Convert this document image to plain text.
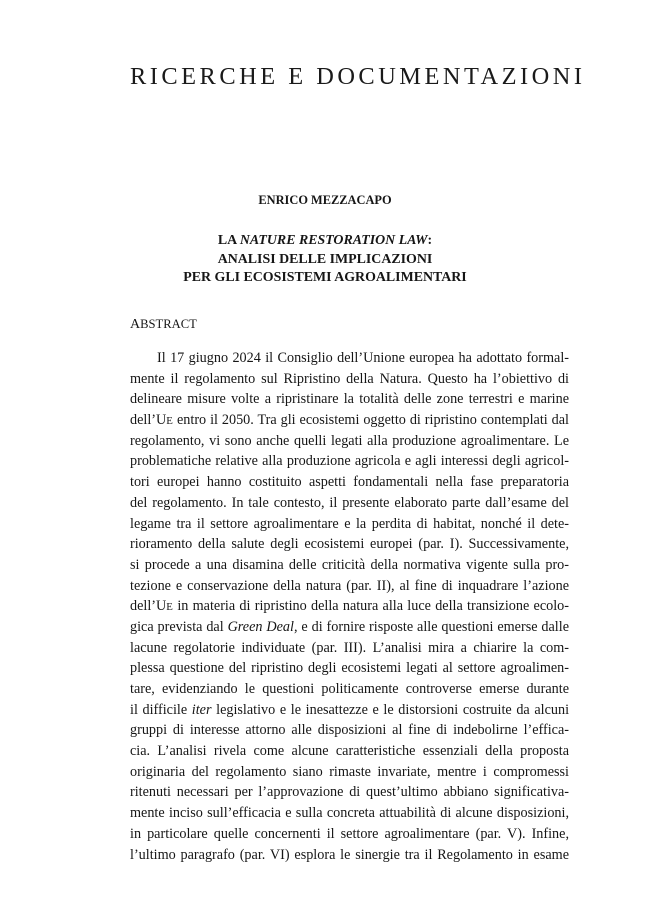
RICERCHE E DOCUMENTAZIONI
ENRICO MEZZACAPO
LA NATURE RESTORATION LAW:
ANALISI DELLE IMPLICAZIONI
PER GLI ECOSISTEMI AGROALIMENTARI
ABSTRACT
Il 17 giugno 2024 il Consiglio dell’Unione europea ha adottato formal-
mente il regolamento sul Ripristino della Natura. Questo ha l’obiettivo di
delineare misure volte a ripristinare la totalità delle zone terrestri e marine
dell’UE entro il 2050. Tra gli ecosistemi oggetto di ripristino contemplati dal
regolamento, vi sono anche quelli legati alla produzione agroalimentare. Le
problematiche relative alla produzione agricola e agli interessi degli agricol-
tori europei hanno costituito aspetti fondamentali nella fase preparatoria
del regolamento. In tale contesto, il presente elaborato parte dall’esame del
legame tra il settore agroalimentare e la perdita di habitat, nonché il dete-
rioramento della salute degli ecosistemi europei (par. I). Successivamente,
si procede a una disamina delle criticità della normativa vigente sulla pro-
tezione e conservazione della natura (par. II), al fine di inquadrare l’azione
dell’UE in materia di ripristino della natura alla luce della transizione ecolo-
gica prevista dal Green Deal, e di fornire risposte alle questioni emerse dalle
lacune regolatorie individuate (par. III). L’analisi mira a chiarire la com-
plessa questione del ripristino degli ecosistemi legati al settore agroalimen-
tare, evidenziando le questioni politicamente controverse emerse durante
il difficile iter legislativo e le inesattezze e le distorsioni costruite da alcuni
gruppi di interesse attorno alle disposizioni al fine di indebolirne l’effica-
cia. L’analisi rivela come alcune caratteristiche essenziali della proposta
originaria del regolamento siano rimaste invariate, mentre i compromessi
ritenuti necessari per l’approvazione di quest’ultimo abbiano significativa-
mente inciso sull’efficacia e sulla concreta attuabilità di alcune disposizioni,
in particolare quelle concernenti il settore agroalimentare (par. V). Infine,
l’ultimo paragrafo (par. VI) esplora le sinergie tra il Regolamento in esame
